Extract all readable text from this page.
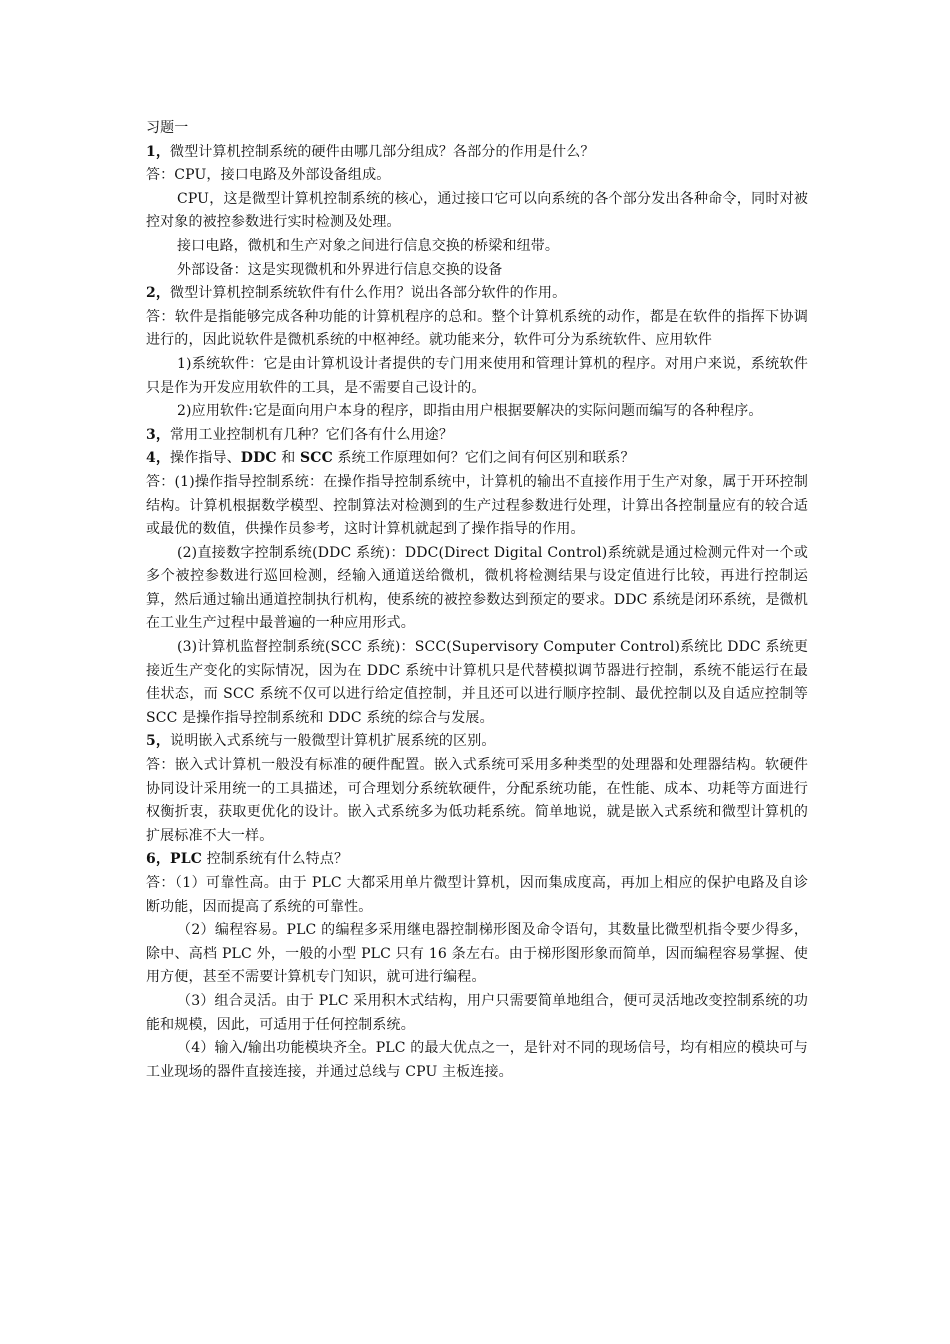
习题一

1，微型计算机控制系统的硬件由哪几部分组成？各部分的作用是什么？

答：CPU，接口电路及外部设备组成。

CPU，这是微型计算机控制系统的核心，通过接口它可以向系统的各个部分发出各种命令，同时对被控对象的被控参数进行实时检测及处理。

接口电路，微机和生产对象之间进行信息交换的桥梁和纽带。

外部设备：这是实现微机和外界进行信息交换的设备

2，微型计算机控制系统软件有什么作用？说出各部分软件的作用。

答：软件是指能够完成各种功能的计算机程序的总和。整个计算机系统的动作，都是在软件的指挥下协调进行的，因此说软件是微机系统的中枢神经。就功能来分，软件可分为系统软件、应用软件

1)系统软件：它是由计算机设计者提供的专门用来使用和管理计算机的程序。对用户来说，系统软件只是作为开发应用软件的工具，是不需要自己设计的。

2)应用软件:它是面向用户本身的程序，即指由用户根据要解决的实际问题而编写的各种程序。

3，常用工业控制机有几种？它们各有什么用途？

4，操作指导、DDC 和 SCC 系统工作原理如何？它们之间有何区别和联系？

答：(1)操作指导控制系统：在操作指导控制系统中，计算机的输出不直接作用于生产对象，属于开环控制结构。计算机根据数学模型、控制算法对检测到的生产过程参数进行处理，计算出各控制量应有的较合适或最优的数值，供操作员参考，这时计算机就起到了操作指导的作用。

(2)直接数字控制系统(DDC 系统)：DDC(Direct Digital Control)系统就是通过检测元件对一个或多个被控参数进行巡回检测，经输入通道送给微机，微机将检测结果与设定值进行比较，再进行控制运算，然后通过输出通道控制执行机构，使系统的被控参数达到预定的要求。DDC 系统是闭环系统，是微机在工业生产过程中最普遍的一种应用形式。

(3)计算机监督控制系统(SCC 系统)：SCC(Supervisory Computer Control)系统比 DDC 系统更接近生产变化的实际情况，因为在 DDC 系统中计算机只是代替模拟调节器进行控制，系统不能运行在最佳状态，而 SCC 系统不仅可以进行给定值控制，并且还可以进行顺序控制、最优控制以及自适应控制等 SCC 是操作指导控制系统和 DDC 系统的综合与发展。

5，说明嵌入式系统与一般微型计算机扩展系统的区别。

答：嵌入式计算机一般没有标准的硬件配置。嵌入式系统可采用多种类型的处理器和处理器结构。软硬件协同设计采用统一的工具描述，可合理划分系统软硬件，分配系统功能，在性能、成本、功耗等方面进行权衡折衷，获取更优化的设计。嵌入式系统多为低功耗系统。简单地说，就是嵌入式系统和微型计算机的扩展标准不大一样。

6，PLC 控制系统有什么特点？

答：（1）可靠性高。由于 PLC 大都采用单片微型计算机，因而集成度高，再加上相应的保护电路及自诊断功能，因而提高了系统的可靠性。

（2）编程容易。PLC 的编程多采用继电器控制梯形图及命令语句，其数量比微型机指令要少得多，除中、高档 PLC 外，一般的小型 PLC 只有 16 条左右。由于梯形图形象而简单，因而编程容易掌握、使用方便，甚至不需要计算机专门知识，就可进行编程。

（3）组合灵活。由于 PLC 采用积木式结构，用户只需要简单地组合，便可灵活地改变控制系统的功能和规模，因此，可适用于任何控制系统。

（4）输入/输出功能模块齐全。PLC 的最大优点之一，是针对不同的现场信号，均有相应的模块可与工业现场的器件直接连接，并通过总线与 CPU 主板连接。
